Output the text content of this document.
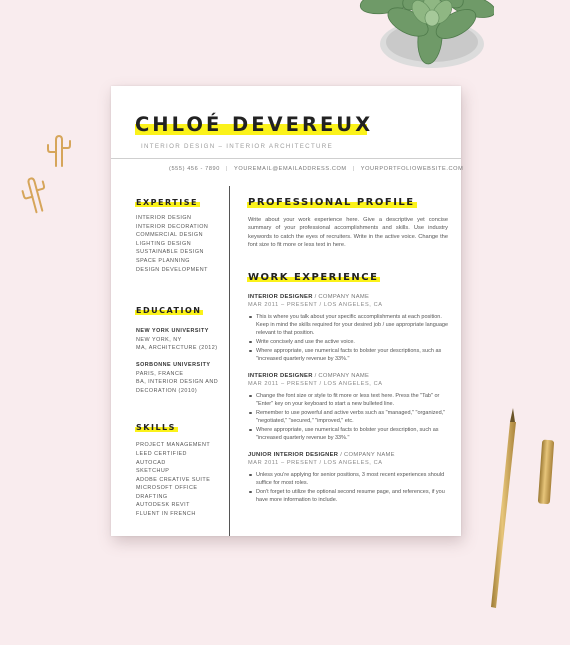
CHLOÉ DEVEREUX
INTERIOR DESIGN – INTERIOR ARCHITECTURE
(555) 456 - 7890 | YOUREMAIL@EMAILADDRESS.COM | YOURPORTFOLIOWEBSITE.COM
EXPERTISE
INTERIOR DESIGN
INTERIOR DECORATION
COMMERCIAL DESIGN
LIGHTING DESIGN
SUSTAINABLE DESIGN
SPACE PLANNING
DESIGN DEVELOPMENT
EDUCATION
NEW YORK UNIVERSITY
NEW YORK, NY
MA, ARCHITECTURE (2012)
SORBONNE UNIVERSITY
PARIS, FRANCE
BA, INTERIOR DESIGN AND
DECORATION (2010)
SKILLS
PROJECT MANAGEMENT
LEED CERTIFIED
AUTOCAD
SKETCHUP
ADOBE CREATIVE SUITE
MICROSOFT OFFICE
DRAFTING
AUTODESK REVIT
FLUENT IN FRENCH
PROFESSIONAL PROFILE
Write about your work experience here. Give a descriptive yet concise summary of your professional accomplishments and skills. Use industry keywords to catch the eyes of recruiters. Write in the active voice. Change the font size to fit more or less text in here.
WORK EXPERIENCE
INTERIOR DESIGNER / COMPANY NAME
MAR 2011 – PRESENT / LOS ANGELES, CA
This is where you talk about your specific accomplishments at each position. Keep in mind the skills required for your desired job / use appropriate language relevant to that position.
Write concisely and use the active voice.
Where appropriate, use numerical facts to bolster your descriptions, such as "increased quarterly revenue by 33%."
INTERIOR DESIGNER / COMPANY NAME
MAR 2011 – PRESENT / LOS ANGELES, CA
Change the font size or style to fit more or less text here. Press the "Tab" or "Enter" key on your keyboard to start a new bulleted line.
Remember to use powerful and active verbs such as "managed," "organized," "negotiated," "secured," "improved," etc.
Where appropriate, use numerical facts to bolster your description, such as "increased quarterly revenue by 33%."
JUNIOR INTERIOR DESIGNER / COMPANY NAME
MAR 2011 – PRESENT / LOS ANGELES, CA
Unless you're applying for senior positions, 3 most recent experiences should suffice for most roles.
Don't forget to utilize the optional second resume page, and references, if you have more information to include.
